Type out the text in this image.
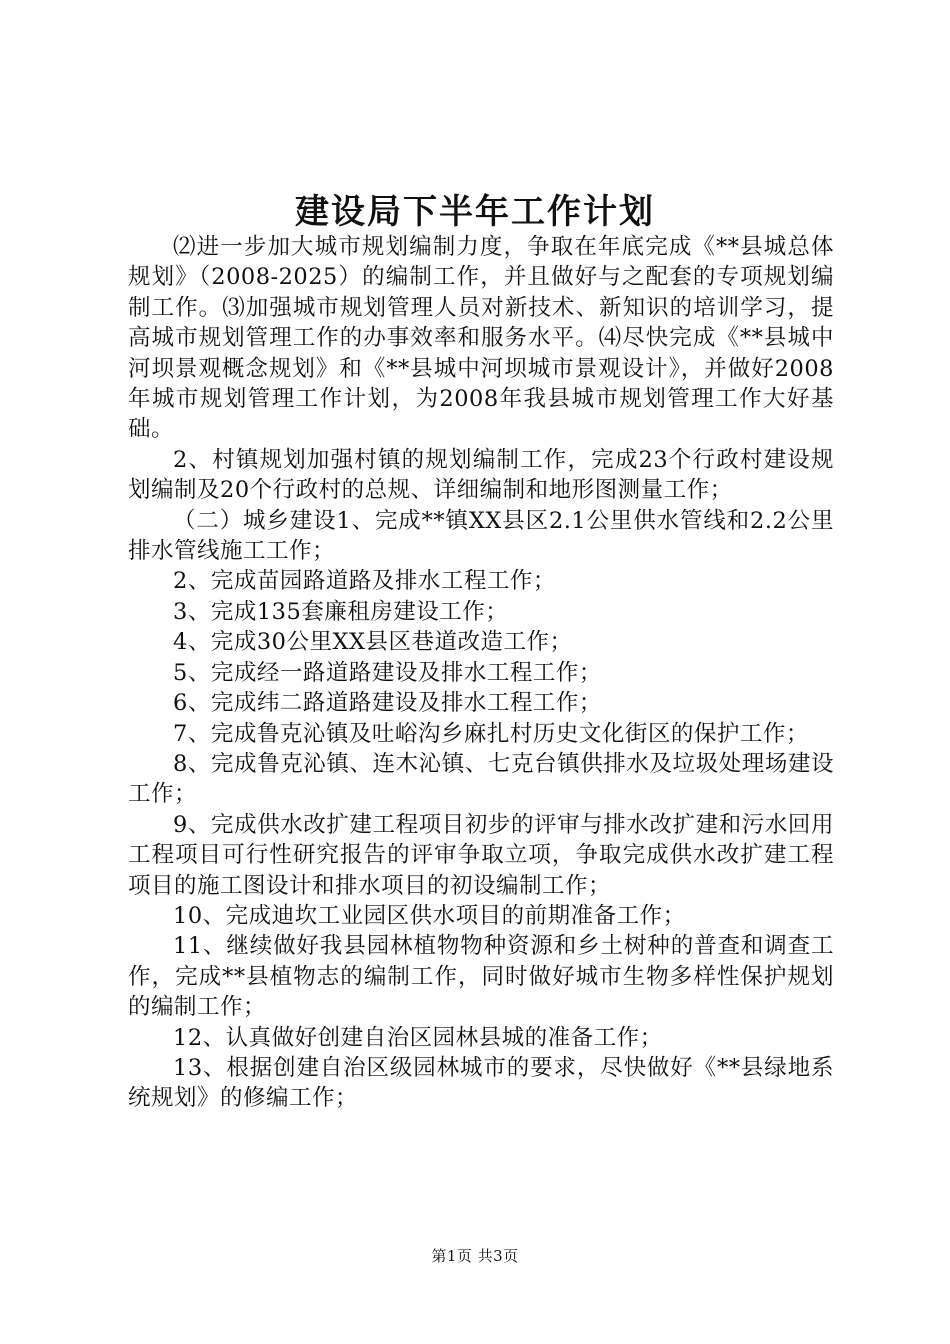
建设局下半年工作计划

⑵进一步加大城市规划编制力度，争取在年底完成《**县城总体规划》（2008-2025）的编制工作，并且做好与之配套的专项规划编制工作。⑶加强城市规划管理人员对新技术、新知识的培训学习，提高城市规划管理工作的办事效率和服务水平。⑷尽快完成《**县城中河坝景观概念规划》和《**县城中河坝城市景观设计》，并做好2008年城市规划管理工作计划，为2008年我县城市规划管理工作大好基础。

2、村镇规划加强村镇的规划编制工作，完成23个行政村建设规划编制及20个行政村的总规、详细编制和地形图测量工作；

（二）城乡建设1、完成**镇XX县区2.1公里供水管线和2.2公里排水管线施工工作；

2、完成苗园路道路及排水工程工作；

3、完成135套廉租房建设工作；

4、完成30公里XX县区巷道改造工作；

5、完成经一路道路建设及排水工程工作；

6、完成纬二路道路建设及排水工程工作；

7、完成鲁克沁镇及吐峪沟乡麻扎村历史文化街区的保护工作；

8、完成鲁克沁镇、连木沁镇、七克台镇供排水及垃圾处理场建设工作；

9、完成供水改扩建工程项目初步的评审与排水改扩建和污水回用工程项目可行性研究报告的评审争取立项，争取完成供水改扩建工程项目的施工图设计和排水项目的初设编制工作；

10、完成迪坎工业园区供水项目的前期准备工作；

11、继续做好我县园林植物物种资源和乡土树种的普查和调查工作，完成**县植物志的编制工作，同时做好城市生物多样性保护规划的编制工作；

12、认真做好创建自治区园林县城的准备工作；

13、根据创建自治区级园林城市的要求，尽快做好《**县绿地系统规划》的修编工作；

第1页 共3页
